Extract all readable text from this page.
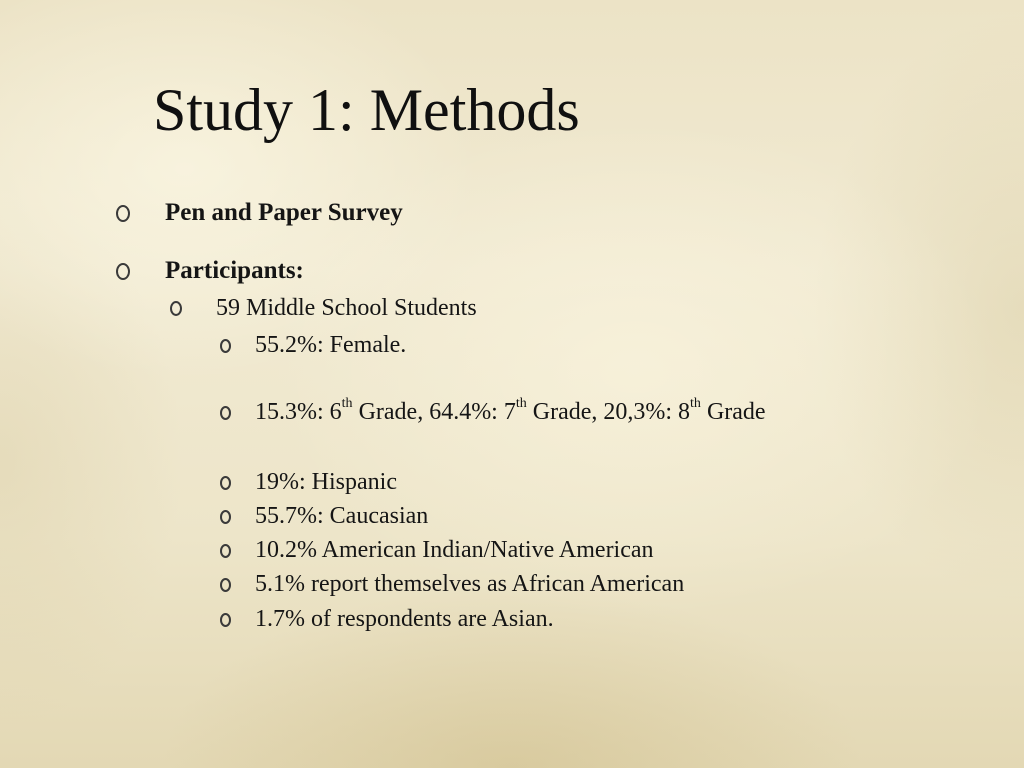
Study 1: Methods
Pen and Paper Survey
Participants:
59 Middle School Students
55.2%: Female.
15.3%: 6th Grade, 64.4%: 7th Grade, 20,3%: 8th Grade
19%: Hispanic
55.7%: Caucasian
10.2% American Indian/Native American
5.1% report themselves as African American
1.7% of respondents are Asian.
